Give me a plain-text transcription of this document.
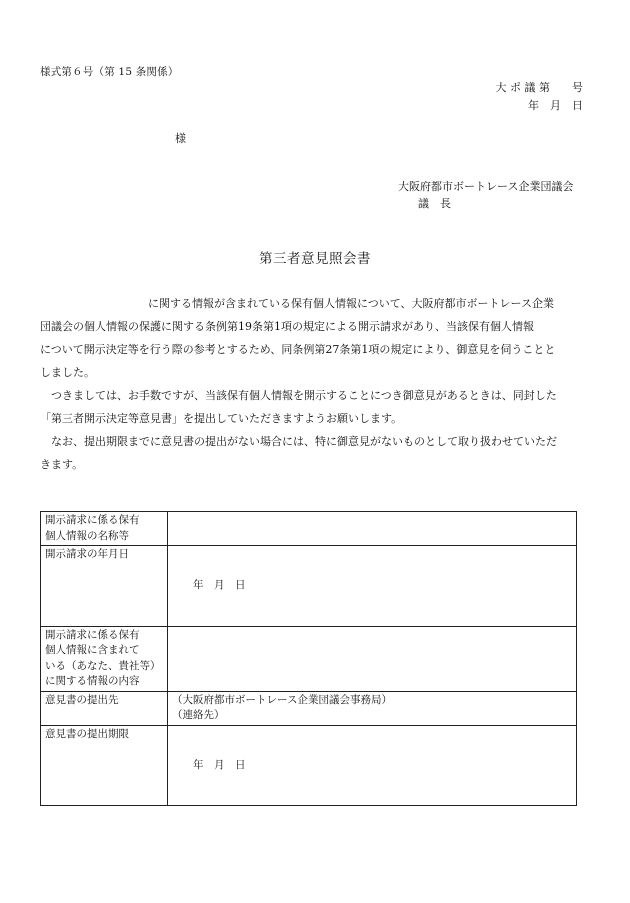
様式第６号（第 15 条関係）
大 ポ 議 第　　号
年　月　日
様
大阪府都市ボートレース企業団議会
議　長
第三者意見照会書
に関する情報が含まれている保有個人情報について、大阪府都市ボートレース企業
団議会の個人情報の保護に関する条例第19条第1項の規定による開示請求があり、当該保有個人情報
について開示決定等を行う際の参考とするため、同条例第27条第1項の規定により、御意見を伺うことと
しました。
つきましては、お手数ですが、当該保有個人情報を開示することにつき御意見があるときは、同封した
「第三者開示決定等意見書」を提出していただきますようお願いします。
なお、提出期限までに意見書の提出がない場合には、特に御意見がないものとして取り扱わせていただ
きます。
開示請求に係る保有
個人情報の名称等	

開示請求の年月日	　　年　月　日

開示請求に係る保有
個人情報に含まれて
いる（あなた、貴社等）
に関する情報の内容	

意見書の提出先	（大阪府都市ボートレース企業団議会事務局）
（連絡先）

意見書の提出期限	　　年　月　日
